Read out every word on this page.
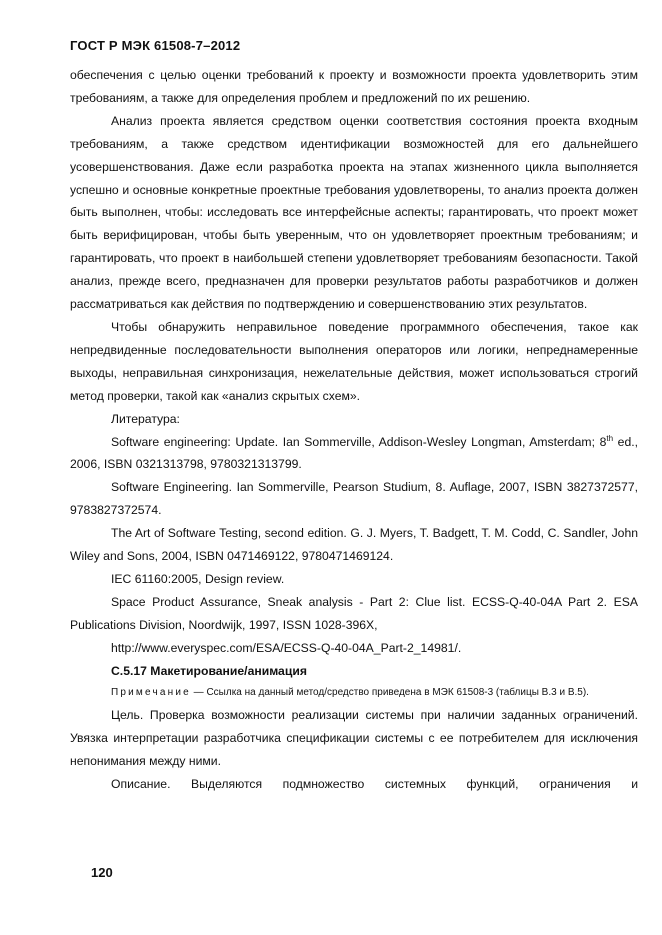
ГОСТ Р МЭК 61508-7–2012

обеспечения с целью оценки требований к проекту и возможности проекта удовлетворить этим требованиям, а также для определения проблем и предложений по их решению.

Анализ проекта является средством оценки соответствия состояния проекта входным требованиям, а также средством идентификации возможностей для его дальнейшего усовершенствования. Даже если разработка проекта на этапах жизненного цикла выполняется успешно и основные конкретные проектные требования удовлетворены, то анализ проекта должен быть выполнен, чтобы: исследовать все интерфейсные аспекты; гарантировать, что проект может быть верифицирован, чтобы быть уверенным, что он удовлетворяет проектным требованиям; и гарантировать, что проект в наибольшей степени удовлетворяет требованиям безопасности. Такой анализ, прежде всего, предназначен для проверки результатов работы разработчиков и должен рассматриваться как действия по подтверждению и совершенствованию этих результатов.

Чтобы обнаружить неправильное поведение программного обеспечения, такое как непредвиденные последовательности выполнения операторов или логики, непреднамеренные выходы, неправильная синхронизация, нежелательные действия, может использоваться строгий метод проверки, такой как «анализ скрытых схем».

Литература:

Software engineering: Update. Ian Sommerville, Addison-Wesley Longman, Amsterdam; 8th ed., 2006, ISBN 0321313798, 9780321313799.

Software Engineering. Ian Sommerville, Pearson Studium, 8. Auflage, 2007, ISBN 3827372577, 9783827372574.

The Art of Software Testing, second edition. G. J. Myers, T. Badgett, T. M. Codd, C. Sandler, John Wiley and Sons, 2004, ISBN 0471469122, 9780471469124.

IEC 61160:2005, Design review.

Space Product Assurance, Sneak analysis - Part 2: Clue list. ECSS-Q-40-04A Part 2. ESA Publications Division, Noordwijk, 1997, ISSN 1028-396X,

http://www.everyspec.com/ESA/ECSS-Q-40-04A_Part-2_14981/.

С.5.17 Макетирование/анимация

Примечание — Ссылка на данный метод/средство приведена в МЭК 61508-3 (таблицы В.3 и В.5).

Цель. Проверка возможности реализации системы при наличии заданных ограничений. Увязка интерпретации разработчика спецификации системы с ее потребителем для исключения непонимания между ними.

Описание. Выделяются подмножество системных функций, ограничения и

120
